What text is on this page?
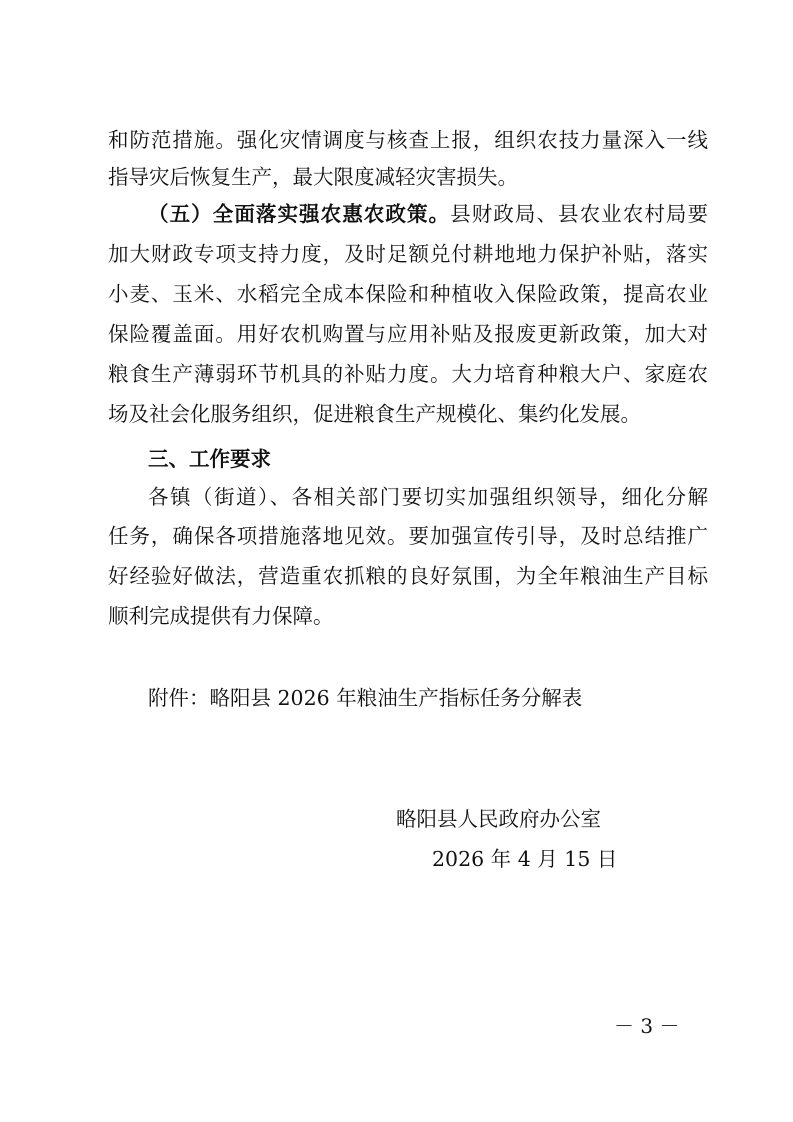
和防范措施。强化灾情调度与核查上报，组织农技力量深入一线
指导灾后恢复生产，最大限度减轻灾害损失。
（五）全面落实强农惠农政策。县财政局、县农业农村局要
加大财政专项支持力度，及时足额兑付耕地地力保护补贴，落实
小麦、玉米、水稻完全成本保险和种植收入保险政策，提高农业
保险覆盖面。用好农机购置与应用补贴及报废更新政策，加大对
粮食生产薄弱环节机具的补贴力度。大力培育种粮大户、家庭农
场及社会化服务组织，促进粮食生产规模化、集约化发展。
三、工作要求
各镇（街道）、各相关部门要切实加强组织领导，细化分解
任务，确保各项措施落地见效。要加强宣传引导，及时总结推广
好经验好做法，营造重农抓粮的良好氛围，为全年粮油生产目标
顺利完成提供有力保障。
附件：略阳县 2026 年粮油生产指标任务分解表
略阳县人民政府办公室
2026 年 4 月 15 日
－ 3 －
